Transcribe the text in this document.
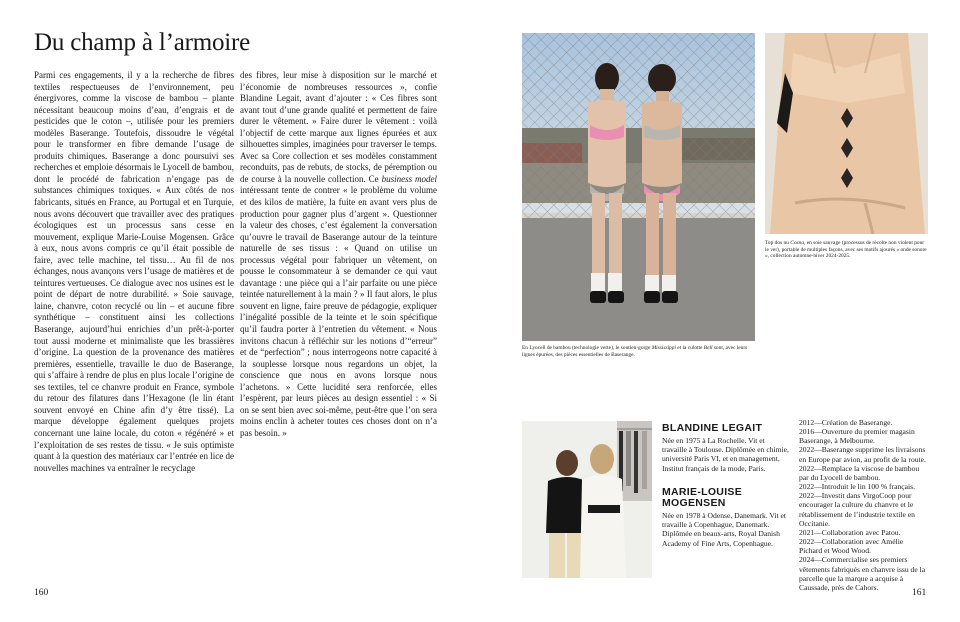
Du champ à l’armoire

Parmi ces engagements, il y a la recherche de fibres textiles respectueuses de l’environnement, peu énergivores, comme la viscose de bambou – plante nécessitant beaucoup moins d’eau, d’engrais et de pesticides que le coton –, utilisée pour les premiers modèles Baserange. Toutefois, dissoudre le végétal pour le transformer en fibre demande l’usage de produits chimiques. Baserange a donc poursuivi ses recherches et emploie désormais le Lyocell de bambou, dont le procédé de fabrication n’engage pas de substances chimiques toxiques. « Aux côtés de nos fabricants, situés en France, au Portugal et en Turquie, nous avons découvert que travailler avec des pratiques écologiques est un processus sans cesse en mouvement, explique Marie-Louise Mogensen. Grâce à eux, nous avons compris ce qu’il était possible de faire, avec telle machine, tel tissu… Au fil de nos échanges, nous avançons vers l’usage de matières et de teintures vertueuses. Ce dialogue avec nos usines est le point de départ de notre durabilité. » Soie sauvage, laine, chanvre, coton recyclé ou lin – et aucune fibre synthétique – constituent ainsi les collections Baserange, aujourd’hui enrichies d’un prêt-à-porter tout aussi moderne et minimaliste que les brassières d’origine. La question de la provenance des matières premières, essentielle, travaille le duo de Baserange, qui s’affaire à rendre de plus en plus locale l’origine de ses textiles, tel ce chanvre produit en France, symbole du retour des filatures dans l’Hexagone (le lin étant souvent envoyé en Chine afin d’y être tissé). La marque développe également quelques projets concernant une laine locale, du coton « régénéré » et l’exploitation de ses restes de tissu. « Je suis optimiste quant à la question des matériaux car l’entrée en lice de nouvelles machines va entraîner le recyclage

des fibres, leur mise à disposition sur le marché et l’économie de nombreuses ressources », confie Blandine Legait, avant d’ajouter : « Ces fibres sont avant tout d’une grande qualité et permettent de faire durer le vêtement. » Faire durer le vêtement : voilà l’objectif de cette marque aux lignes épurées et aux silhouettes simples, imaginées pour traverser le temps. Avec sa Core collection et ses modèles constamment reconduits, pas de rebuts, de stocks, de péremption ou de course à la nouvelle collection. Ce business model intéressant tente de contrer « le problème du volume et des kilos de matière, la fuite en avant vers plus de production pour gagner plus d’argent ». Questionner la valeur des choses, c’est également la conversation qu’ouvre le travail de Baserange autour de la teinture naturelle de ses tissus : « Quand on utilise un processus végétal pour fabriquer un vêtement, on pousse le consommateur à se demander ce qui vaut davantage : une pièce qui a l’air parfaite ou une pièce teintée naturellement à la main ? » Il faut alors, le plus souvent en ligne, faire preuve de pédagogie, expliquer l’inégalité possible de la teinte et le soin spécifique qu’il faudra porter à l’entretien du vêtement. « Nous invitons chacun à réfléchir sur les notions d’“erreur” et de “perfection” ; nous interrogeons notre capacité à la souplesse lorsque nous regardons un objet, la conscience que nous en avons lorsque nous l’achetons. » Cette lucidité sera renforcée, elles l’espèrent, par leurs pièces au design essentiel : « Si on se sent bien avec soi-même, peut-être que l’on sera moins enclin à acheter toutes ces choses dont on n’a pas besoin. »

160
En Lyocell de bambou (technologie verte), le soutien-gorge Mississippi et la culotte Bell sont, avec leurs lignes épurées, des pièces essentielles de Baserange.
Top dos nu Cosna, en soie sauvage (processus de récolte non violent pour le ver), portable de multiples façons, avec ses motifs ajourés « onde sonore », collection automne-hiver 2024-2025.

BLANDINE LEGAIT

Née en 1975 à La Rochelle. Vit et travaille à Toulouse. Diplômée en chimie, université Paris VI, et en management, Institut français de la mode, Paris.

MARIE-LOUISE MOGENSEN

Née en 1978 à Odense, Danemark. Vit et travaille à Copenhague, Danemark. Diplômée en beaux-arts, Royal Danish Academy of Fine Arts, Copenhague.

2012—Création de Baserange.

2016—Ouverture du premier magasin Baserange, à Melbourne.

2022—Baserange supprime les livraisons en Europe par avion, au profit de la route.

2022—Remplace la viscose de bambou par du Lyocell de bambou.

2022—Introduit le lin 100 % français.

2022—Investit dans VirgoCoop pour encourager la culture du chanvre et le rétablissement de l’industrie textile en Occitanie.

2021—Collaboration avec Patou.

2022—Collaboration avec Amélie Pichard et Wood Wood.

2024—Commercialise ses premiers vêtements fabriqués en chanvre issu de la parcelle que la marque a acquise à Caussade, près de Cahors.

161
